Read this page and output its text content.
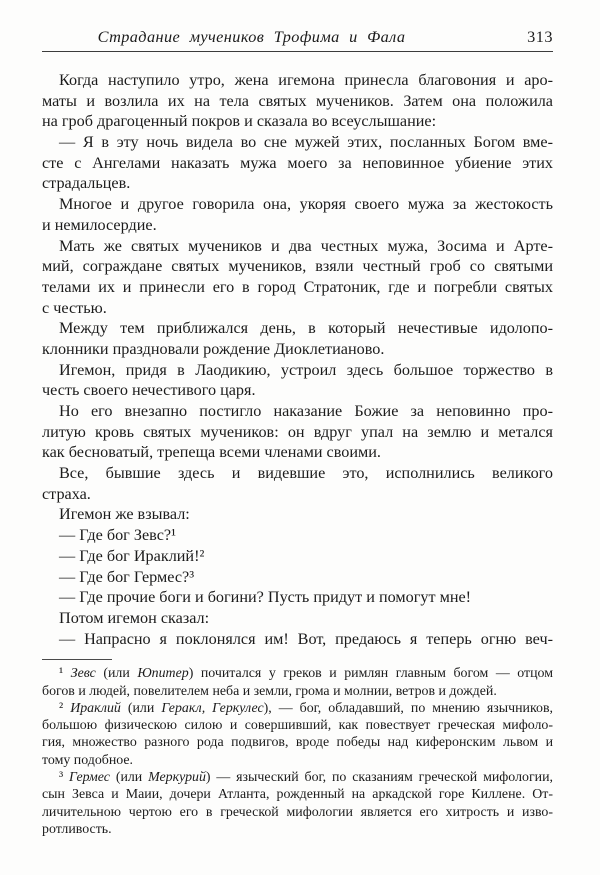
Страдание мучеников Трофима и Фала	313
Когда наступило утро, жена игемона принесла благовония и аро-
маты и возлила их на тела святых мучеников. Затем она положила
на гроб драгоценный покров и сказала во всеуслышание:
— Я в эту ночь видела во сне мужей этих, посланных Богом вме-
сте с Ангелами наказать мужа моего за неповинное убиение этих
страдальцев.
Многое и другое говорила она, укоряя своего мужа за жестокость
и немилосердие.
Мать же святых мучеников и два честных мужа, Зосима и Арте-
мий, сограждане святых мучеников, взяли честный гроб со святыми
телами их и принесли его в город Стратоник, где и погребли святых
с честью.
Между тем приближался день, в который нечестивые идолопо-
клонники праздновали рождение Диоклетианово.
Игемон, придя в Лаодикию, устроил здесь большое торжество в
честь своего нечестивого царя.
Но его внезапно постигло наказание Божие за неповинно про-
литую кровь святых мучеников: он вдруг упал на землю и метался
как бесноватый, трепеща всеми членами своими.
Все, бывшие здесь и видевшие это, исполнились великого
страха.
Игемон же взывал:
— Где бог Зевс?¹
— Где бог Ираклий!²
— Где бог Гермес?³
— Где прочие боги и богини? Пусть придут и помогут мне!
Потом игемон сказал:
— Напрасно я поклонялся им! Вот, предаюсь я теперь огню веч-
¹ Зевс (или Юпитер) почитался у греков и римлян главным богом — отцом
богов и людей, повелителем неба и земли, грома и молнии, ветров и дождей.
² Ираклий (или Геракл, Геркулес), — бог, обладавший, по мнению язычников,
большою физическою силою и совершивший, как повествует греческая мифоло-
гия, множество разного рода подвигов, вроде победы над киферонским львом и
тому подобное.
³ Гермес (или Меркурий) — языческий бог, по сказаниям греческой мифологии,
сын Зевса и Маии, дочери Атланта, рожденный на аркадской горе Киллене. От-
личительною чертою его в греческой мифологии является его хитрость и изво-
ротливость.
